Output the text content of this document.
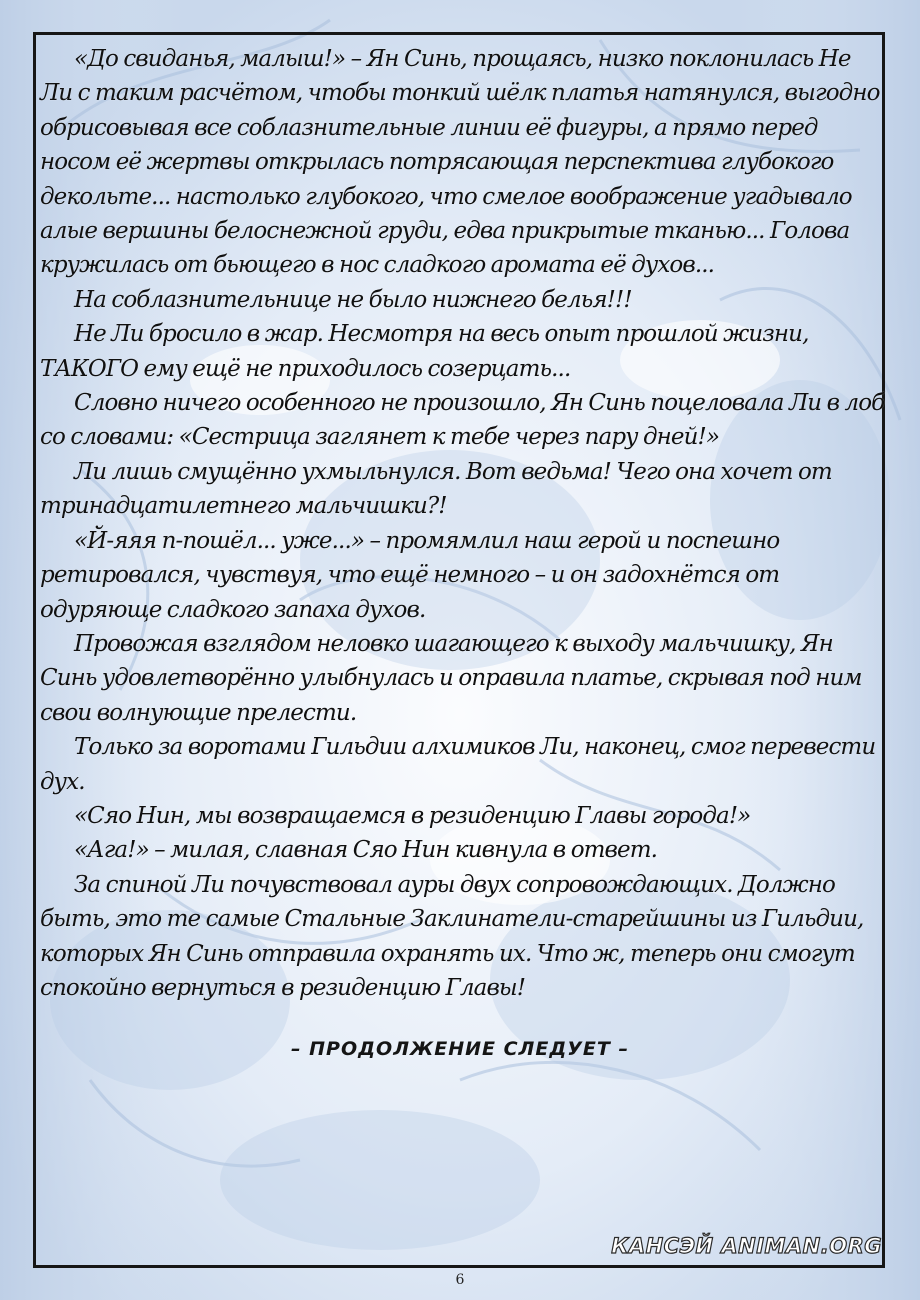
«До свиданья, малыш!» – Ян Синь, прощаясь, низко поклонилась Не Ли с таким расчётом, чтобы тонкий шёлк платья натянулся, выгодно обрисовывая все соблазнительные линии её фигуры, а прямо перед носом её жертвы открылась потрясающая перспектива глубокого декольте... настолько глубокого, что смелое воображение угадывало алые вершины белоснежной груди, едва прикрытые тканью... Голова кружилась от бьющего в нос сладкого аромата её духов...

На соблазнительнице не было нижнего белья!!!

Не Ли бросило в жар. Несмотря на весь опыт прошлой жизни, ТАКОГО ему ещё не приходилось созерцать...

Словно ничего особенного не произошло, Ян Синь поцеловала Ли в лоб со словами: «Сестрица заглянет к тебе через пару дней!»

Ли лишь смущённо ухмыльнулся. Вот ведьма! Чего она хочет от тринадцатилетнего мальчишки?!

«Й-яяя п-пошёл... уже...» – промямлил наш герой и поспешно ретировался, чувствуя, что ещё немного – и он задохнётся от одуряюще сладкого запаха духов.

Провожая взглядом неловко шагающего к выходу мальчишку, Ян Синь удовлетворённо улыбнулась и оправила платье, скрывая под ним свои волнующие прелести.

Только за воротами Гильдии алхимиков Ли, наконец, смог перевести дух.

«Сяо Нин, мы возвращаемся в резиденцию Главы города!»

«Ага!» – милая, славная Сяо Нин кивнула в ответ.

За спиной Ли почувствовал ауры двух сопровождающих. Должно быть, это те самые Стальные Заклинатели-старейшины из Гильдии, которых Ян Синь отправила охранять их. Что ж, теперь они смогут спокойно вернуться в резиденцию Главы!

– ПРОДОЛЖЕНИЕ СЛЕДУЕТ –
КАНСЭЙ ANIMAN.ORG
6
